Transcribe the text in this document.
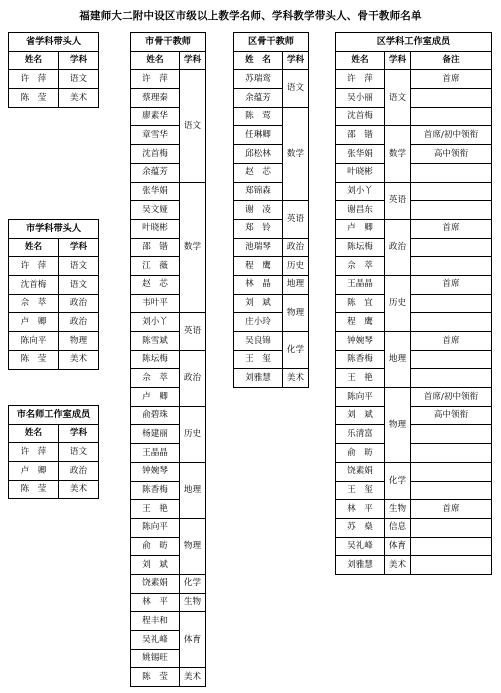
福建师大二附中设区市级以上教学名师、学科教学带头人、骨干教师名单
省学科带头人	
姓名	学科
许　萍	语文
陈　莹	美术
市学科带头人	
姓名	学科
许　萍	语文
沈首梅	语文
佘　萃	政治
卢　卿	政治
陈向平	物理
陈　莹	美术
市名师工作室成员	
姓名	学科
许　萍	语文
卢　卿	政治
陈　莹	美术
市骨干教师	
姓名	学科
许　萍	语文
蔡理秦	
廖素华	
章雪华	
沈首梅	
余蕴芳	
张华娟	数学
吴文娅	
叶晓彬	
邵　锴	
江　薇	
赵　芯	
韦叶平	
刘小丫	英语
陈雪斌	
陈坛梅	政治
佘　萃	
卢　卿	
俞碧珠	历史
杨建丽	
王晶晶	
钟婉琴	地理
陈香梅	
王　艳	
陈向平	物理
俞　昉	
刘　斌	
饶素娟	化学
林　平	生物
程丰和	体育
吴礼峰	
姚锡旺	
陈　莹	美术
区骨干教师	
姓　名	学科
苏瑞鸾	语文
余蕴芳	
陈　莺	数学
任琳卿	
邱松林	
赵　芯	
郑锦森	
谢　凌	英语
郑　铃	
池瑞琴	政治
程　鹰	历史
林　晶	地理
刘　斌	物理
庄小玲	
吴良锦	化学
王　玺	
刘雅慧	美术
区学科工作室成员		
姓名	学科	备注
许　萍	语文	首席
吴小丽		
沈首梅		
邵　锴	数学	首席/初中领衔
张华娟		高中领衔
叶晓彬		
刘小丫	英语	
谢昌东		
卢　卿	政治	首席
陈坛梅		
佘　萃		
王晶晶	历史	首席
陈　宜		
程　鹰		
钟婉琴	地理	首席
陈香梅		
王　艳		
陈向平	物理	首席/初中领衔
刘　斌		高中领衔
乐清富		
俞　昉		
饶素娟	化学	
王　玺		
林　平	生物	首席
苏　燊	信息	
吴礼峰	体育	
刘雅慧	美术	
